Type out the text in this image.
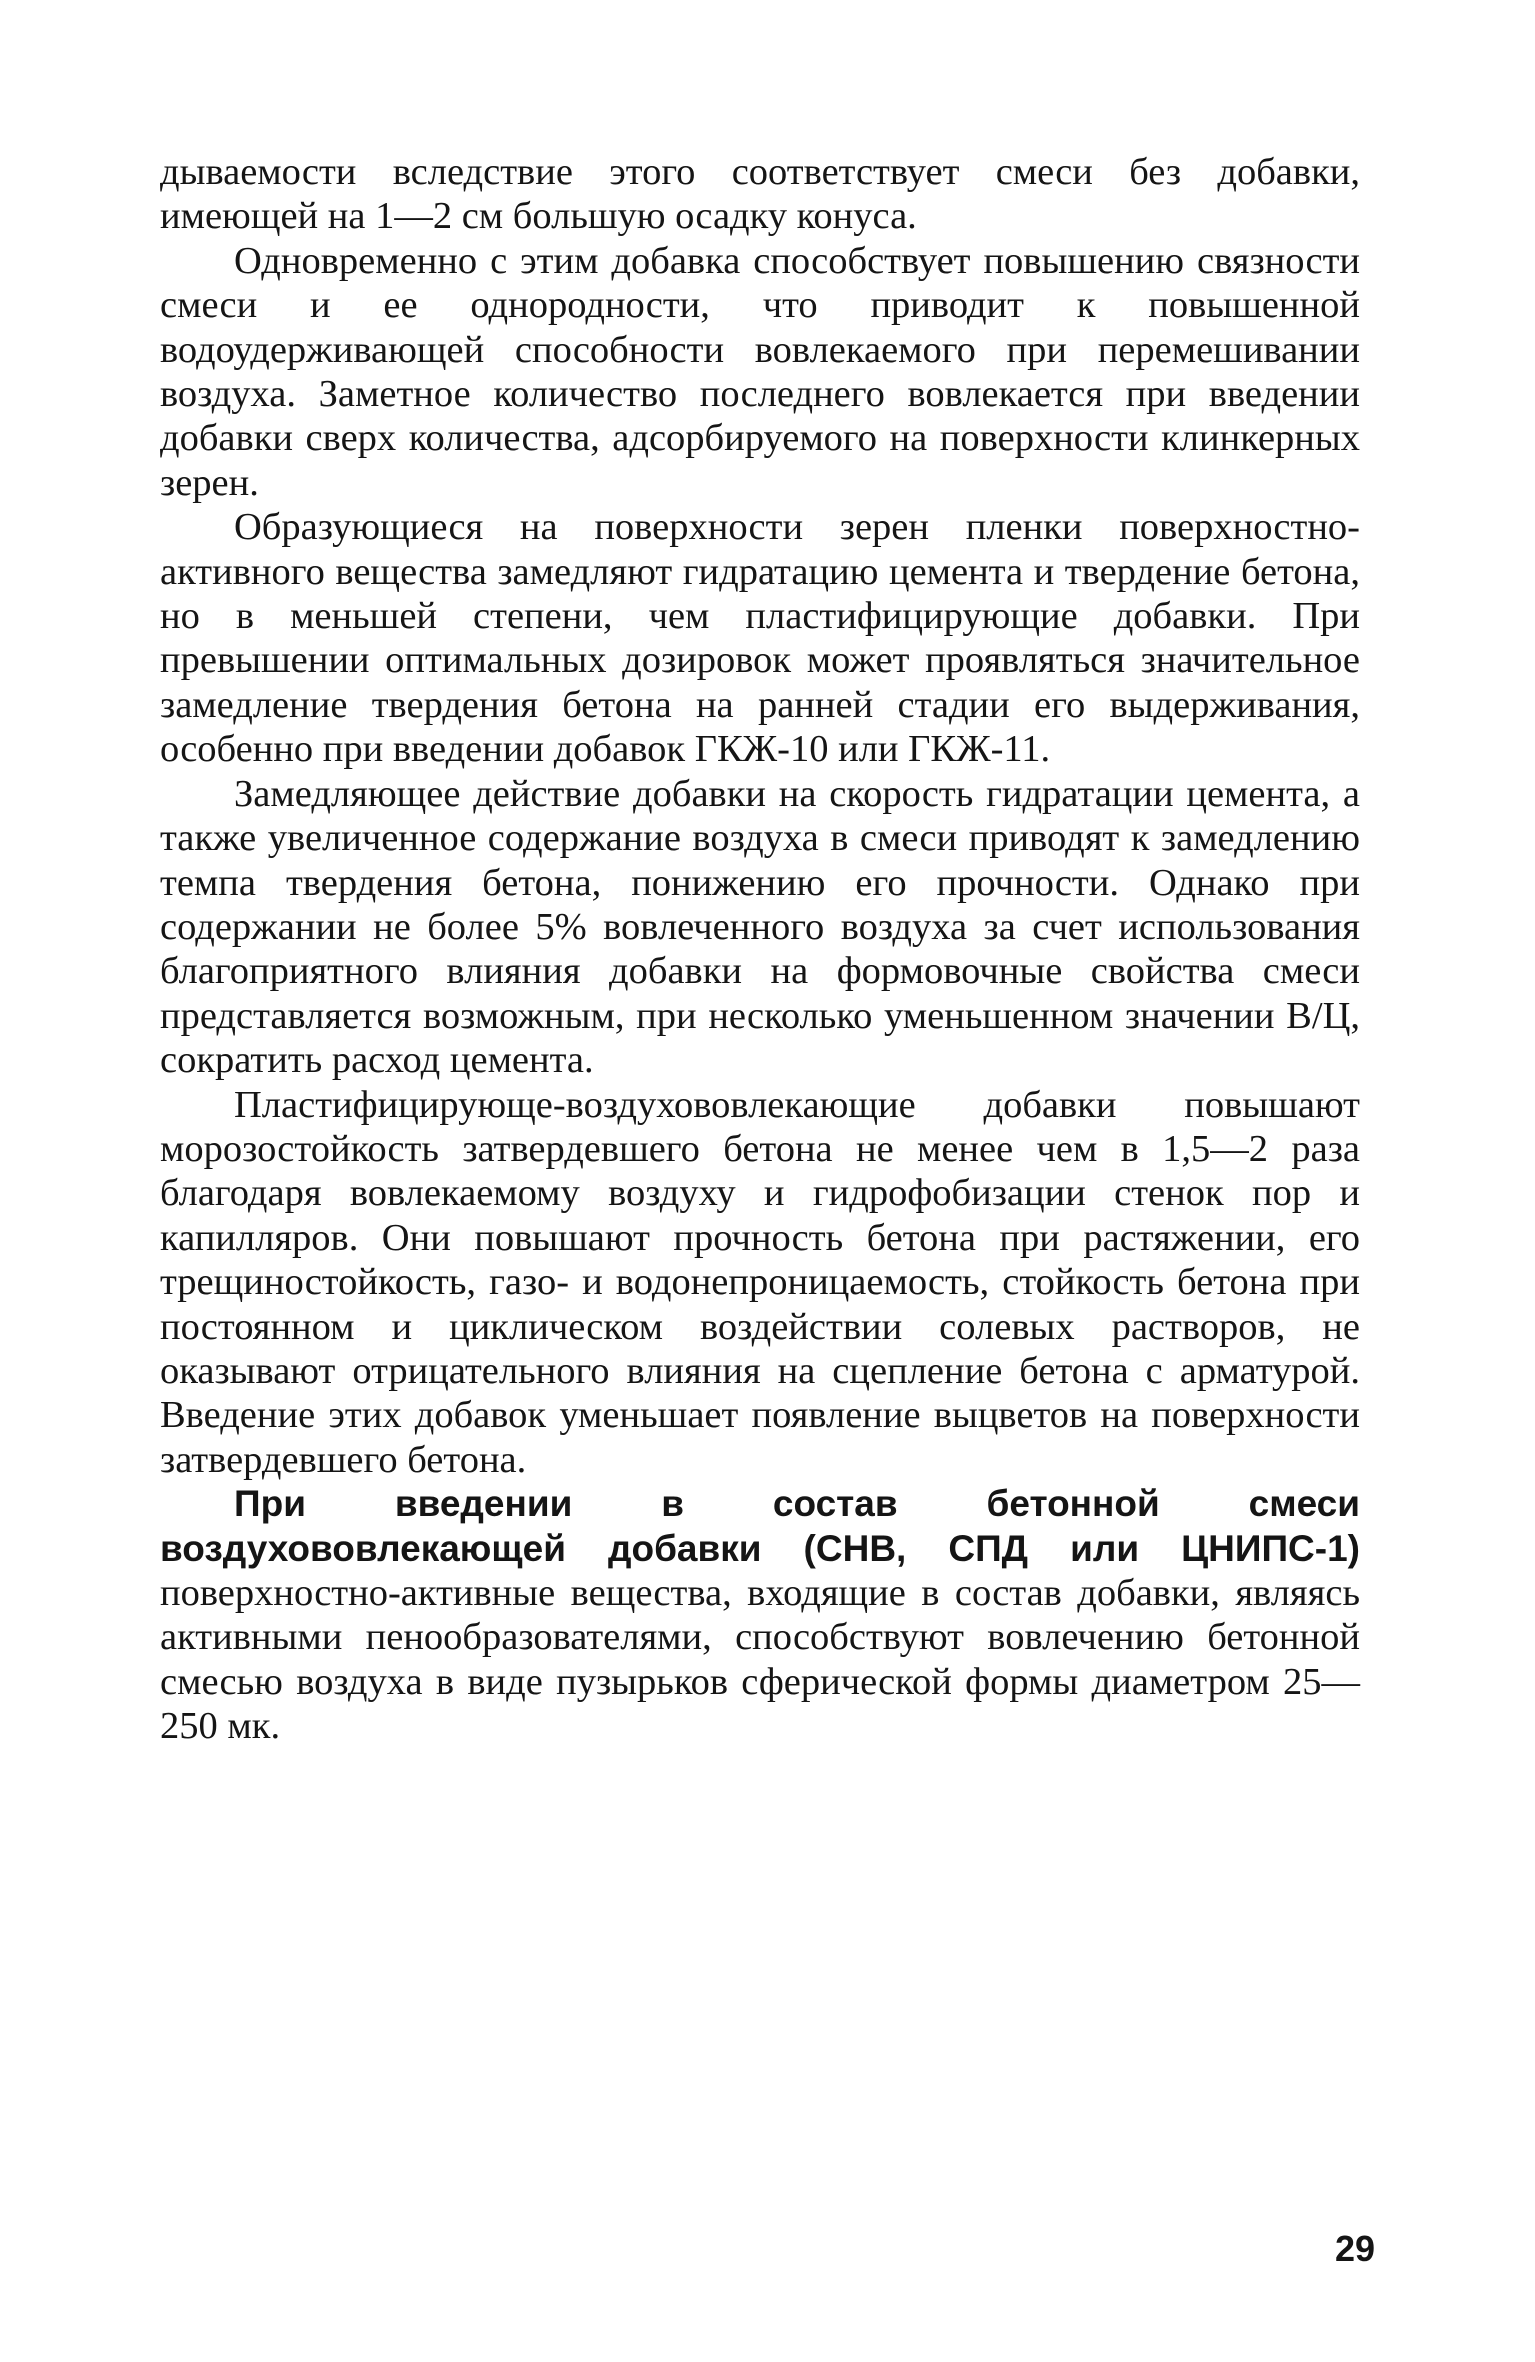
дываемости вследствие этого соответствует смеси без добавки, имеющей на 1—2 см большую осадку конуса.

Одновременно с этим добавка способствует повышению связности смеси и ее однородности, что приводит к повышенной водоудерживающей способности вовлекаемого при перемешивании воздуха. Заметное количество последнего вовлекается при введении добавки сверх количества, адсорбируемого на поверхности клинкерных зерен.

Образующиеся на поверхности зерен пленки поверхностно-активного вещества замедляют гидратацию цемента и твердение бетона, но в меньшей степени, чем пластифицирующие добавки. При превышении оптимальных дозировок может проявляться значительное замедление твердения бетона на ранней стадии его выдерживания, особенно при введении добавок ГКЖ-10 или ГКЖ-11.

Замедляющее действие добавки на скорость гидратации цемента, а также увеличенное содержание воздуха в смеси приводят к замедлению темпа твердения бетона, понижению его прочности. Однако при содержании не более 5% вовлеченного воздуха за счет использования благоприятного влияния добавки на формовочные свойства смеси представляется возможным, при несколько уменьшенном значении В/Ц, сократить расход цемента.

Пластифицирующе-воздухововлекающие добавки повышают морозостойкость затвердевшего бетона не менее чем в 1,5—2 раза благодаря вовлекаемому воздуху и гидрофобизации стенок пор и капилляров. Они повышают прочность бетона при растяжении, его трещиностойкость, газо- и водонепроницаемость, стойкость бетона при постоянном и циклическом воздействии солевых растворов, не оказывают отрицательного влияния на сцепление бетона с арматурой. Введение этих добавок уменьшает появление выцветов на поверхности затвердевшего бетона.

При введении в состав бетонной смеси воздухововлекающей добавки (СНВ, СПД или ЦНИПС-1) поверхностно-активные вещества, входящие в состав добавки, являясь активными пенообразователями, способствуют вовлечению бетонной смесью воздуха в виде пузырьков сферической формы диаметром 25—250 мк.

29
